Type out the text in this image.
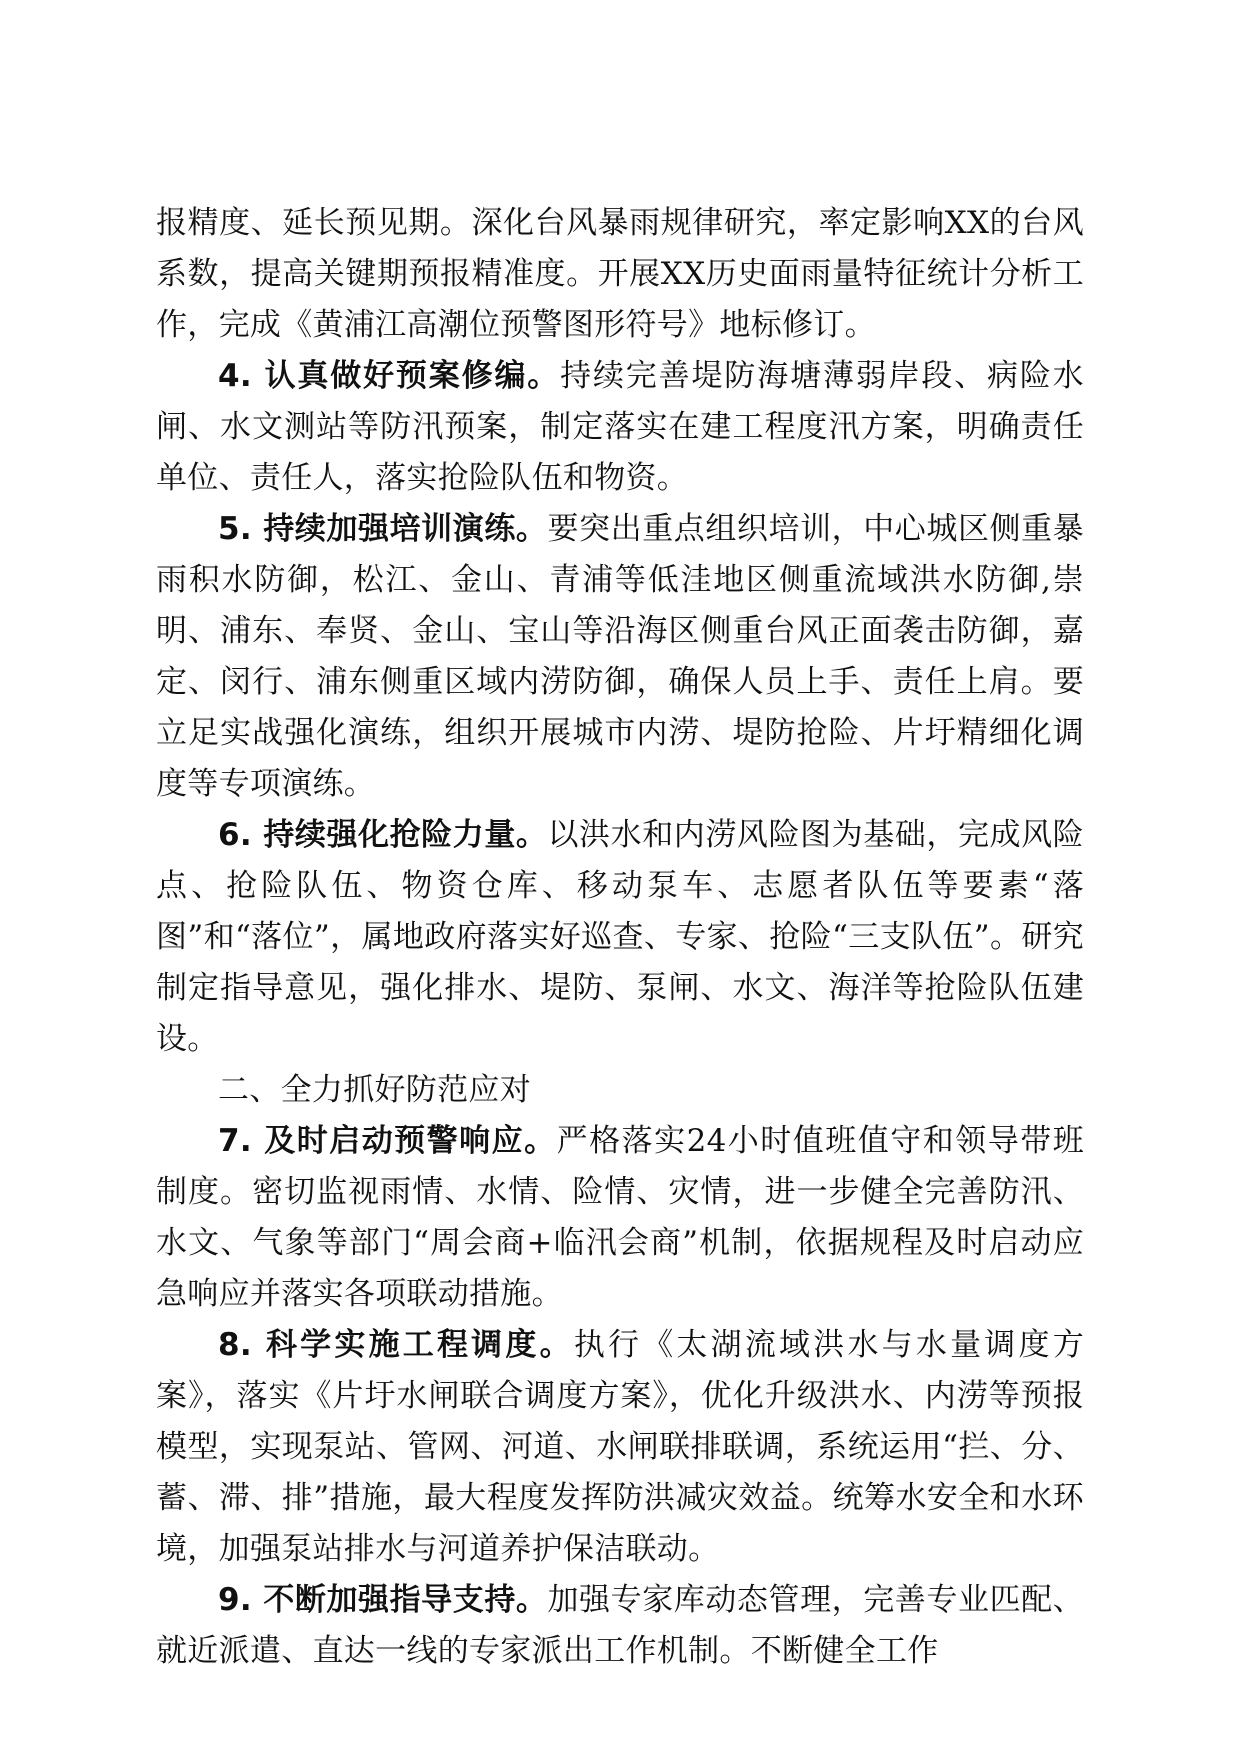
报精度、延长预见期。深化台风暴雨规律研究，率定影响XX的台风系数，提高关键期预报精准度。开展XX历史面雨量特征统计分析工作，完成《黄浦江高潮位预警图形符号》地标修订。

4. 认真做好预案修编。持续完善堤防海塘薄弱岸段、病险水闸、水文测站等防汛预案，制定落实在建工程度汛方案，明确责任单位、责任人，落实抢险队伍和物资。

5. 持续加强培训演练。要突出重点组织培训，中心城区侧重暴雨积水防御，松江、金山、青浦等低洼地区侧重流域洪水防御,崇明、浦东、奉贤、金山、宝山等沿海区侧重台风正面袭击防御，嘉定、闵行、浦东侧重区域内涝防御，确保人员上手、责任上肩。要立足实战强化演练，组织开展城市内涝、堤防抢险、片圩精细化调度等专项演练。

6. 持续强化抢险力量。以洪水和内涝风险图为基础，完成风险点、抢险队伍、物资仓库、移动泵车、志愿者队伍等要素“落图”和“落位”，属地政府落实好巡查、专家、抢险“三支队伍”。研究制定指导意见，强化排水、堤防、泵闸、水文、海洋等抢险队伍建设。

二、全力抓好防范应对

7. 及时启动预警响应。严格落实24小时值班值守和领导带班制度。密切监视雨情、水情、险情、灾情，进一步健全完善防汛、水文、气象等部门“周会商+临汛会商”机制，依据规程及时启动应急响应并落实各项联动措施。

8. 科学实施工程调度。执行《太湖流域洪水与水量调度方案》，落实《片圩水闸联合调度方案》，优化升级洪水、内涝等预报模型，实现泵站、管网、河道、水闸联排联调，系统运用“拦、分、蓄、滞、排”措施，最大程度发挥防洪减灾效益。统筹水安全和水环境，加强泵站排水与河道养护保洁联动。

9. 不断加强指导支持。加强专家库动态管理，完善专业匹配、就近派遣、直达一线的专家派出工作机制。不断健全工作
